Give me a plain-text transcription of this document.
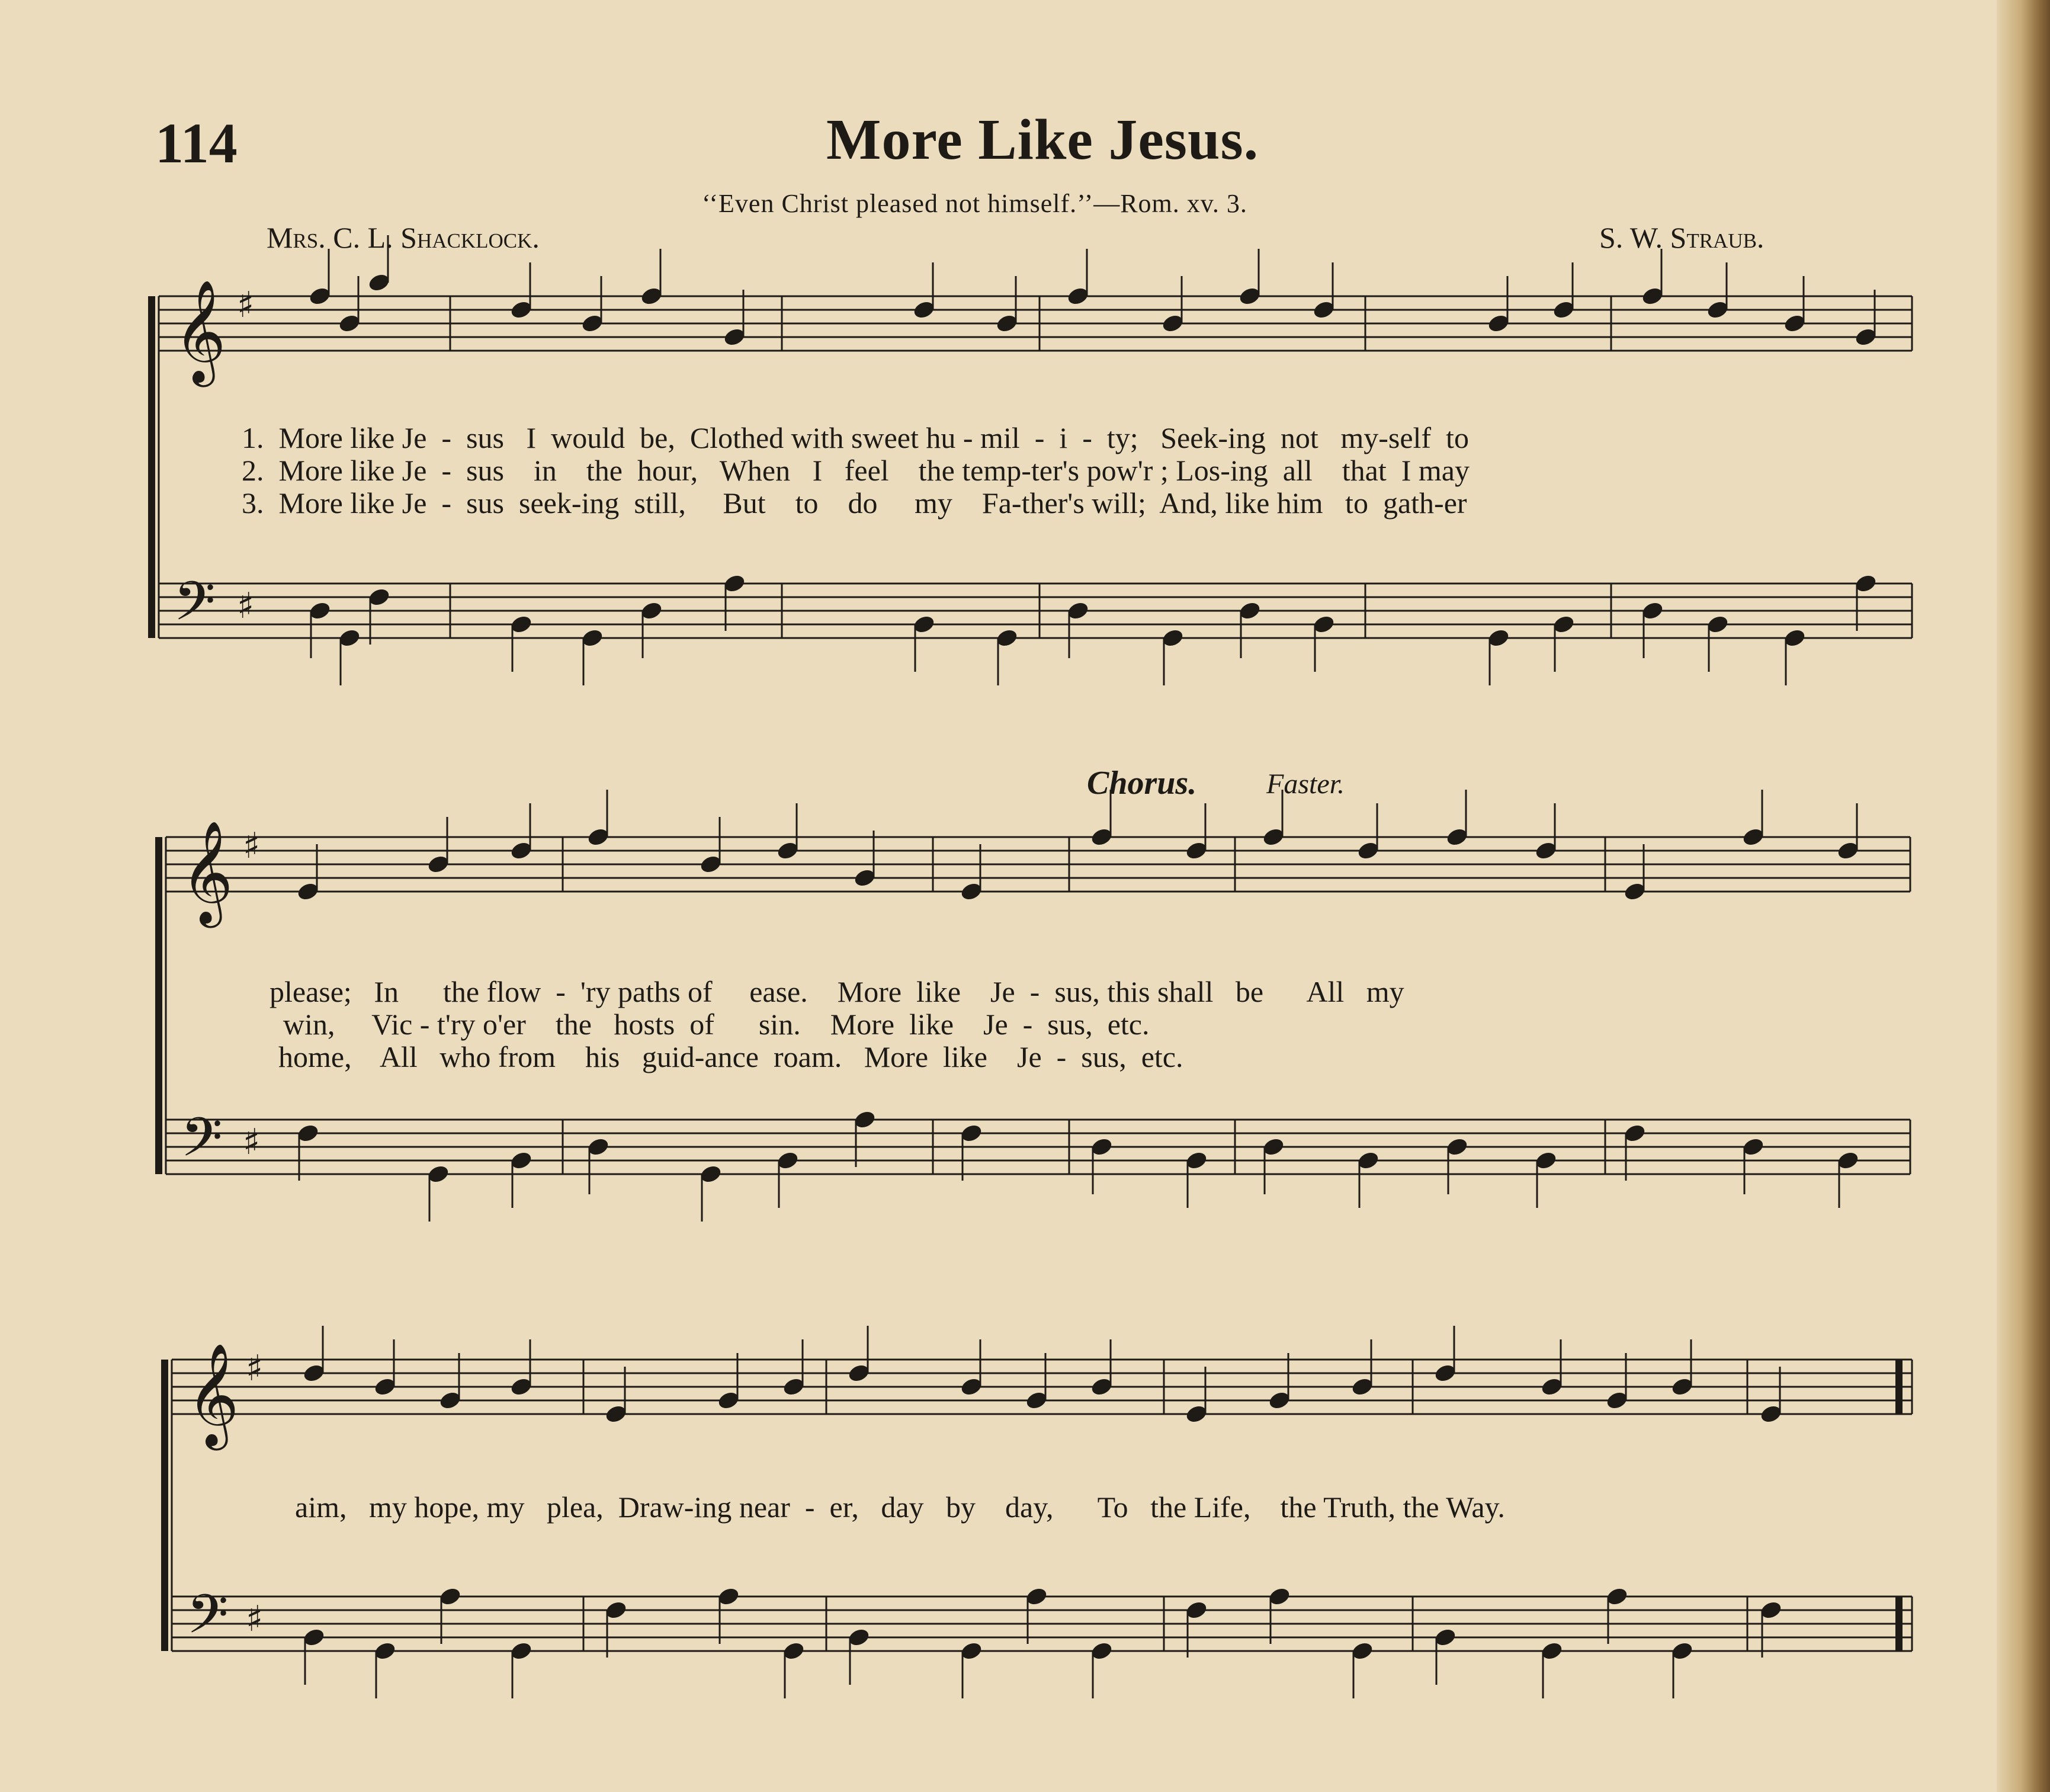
114	More Like Jesus.
‘‘Even Christ pleased not himself.’’—Rom. xv. 3.
Mrs. C. L. Shacklock.	S. W. Straub.
Chorus. Faster.
𝄞 ♯
𝄢 ♯
𝄞 ♯
𝄢 ♯
𝄞 ♯
𝄢 ♯
1.  More like Je  -  sus   I  would  be,  Clothed with sweet hu - mil  -  i  -  ty;   Seek-ing  not   my-self  to
2.  More like Je  -  sus    in    the  hour,   When   I   feel    the temp-ter's pow'r ; Los-ing  all    that  I may
3.  More like Je  -  sus  seek-ing  still,     But    to    do     my    Fa-ther's will;  And, like him   to  gath-er
please;   In      the flow  -  'ry paths of     ease.    More  like    Je  -  sus, this shall   be      All   my
win,     Vic - t'ry o'er    the   hosts  of      sin.    More  like    Je  -  sus,  etc.
home,    All   who from    his   guid-ance  roam.   More  like    Je  -  sus,  etc.
aim,   my hope, my   plea,  Draw-ing near  -  er,   day   by    day,      To   the Life,    the Truth, the Way.
